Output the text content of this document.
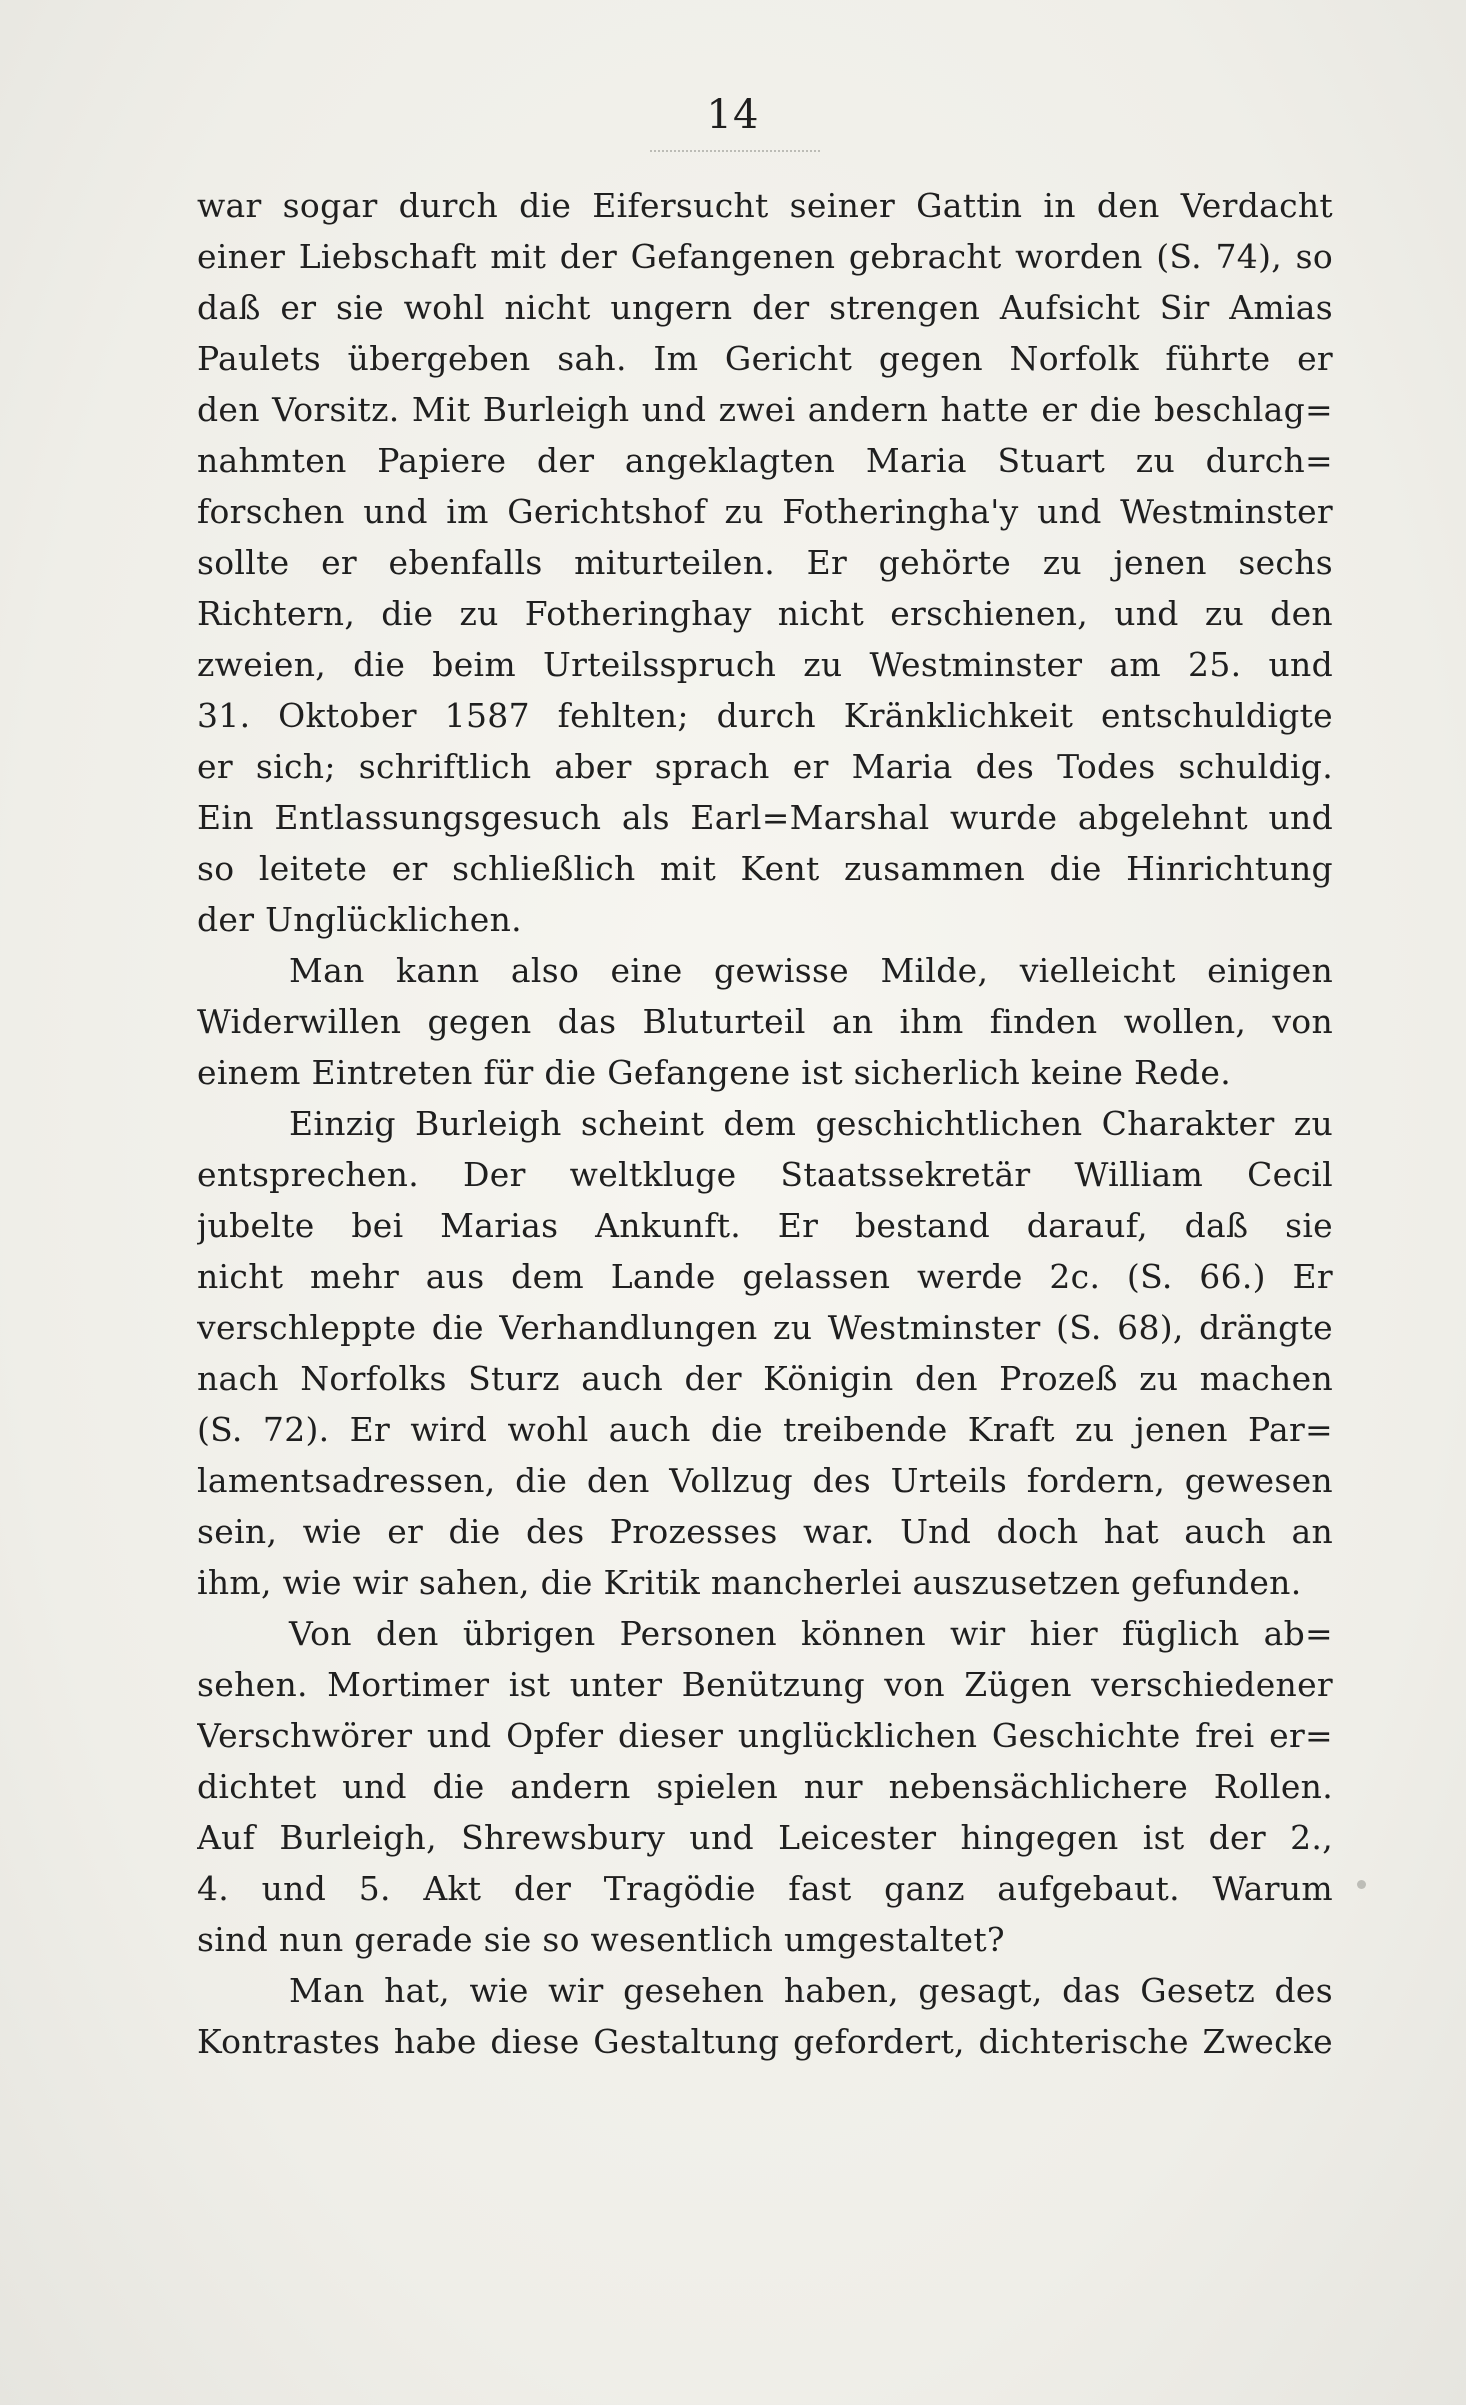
14
war sogar durch die Eifersucht seiner Gattin in den Verdacht
einer Liebschaft mit der Gefangenen gebracht worden (S. 74), so
daß er sie wohl nicht ungern der strengen Aufsicht Sir Amias
Paulets übergeben sah. Im Gericht gegen Norfolk führte er
den Vorsitz. Mit Burleigh und zwei andern hatte er die beschlag=
nahmten Papiere der angeklagten Maria Stuart zu durch=
forschen und im Gerichtshof zu Fotheringha'y und Westminster
sollte er ebenfalls miturteilen. Er gehörte zu jenen sechs
Richtern, die zu Fotheringhay nicht erschienen, und zu den
zweien, die beim Urteilsspruch zu Westminster am 25. und
31. Oktober 1587 fehlten; durch Kränklichkeit entschuldigte
er sich; schriftlich aber sprach er Maria des Todes schuldig.
Ein Entlassungsgesuch als Earl=Marshal wurde abgelehnt und
so leitete er schließlich mit Kent zusammen die Hinrichtung
der Unglücklichen.
Man kann also eine gewisse Milde, vielleicht einigen
Widerwillen gegen das Bluturteil an ihm finden wollen, von
einem Eintreten für die Gefangene ist sicherlich keine Rede.
Einzig Burleigh scheint dem geschichtlichen Charakter zu
entsprechen. Der weltkluge Staatssekretär William Cecil
jubelte bei Marias Ankunft. Er bestand darauf, daß sie
nicht mehr aus dem Lande gelassen werde 2c. (S. 66.) Er
verschleppte die Verhandlungen zu Westminster (S. 68), drängte
nach Norfolks Sturz auch der Königin den Prozeß zu machen
(S. 72). Er wird wohl auch die treibende Kraft zu jenen Par=
lamentsadressen, die den Vollzug des Urteils fordern, gewesen
sein, wie er die des Prozesses war. Und doch hat auch an
ihm, wie wir sahen, die Kritik mancherlei auszusetzen gefunden.
Von den übrigen Personen können wir hier füglich ab=
sehen. Mortimer ist unter Benützung von Zügen verschiedener
Verschwörer und Opfer dieser unglücklichen Geschichte frei er=
dichtet und die andern spielen nur nebensächlichere Rollen.
Auf Burleigh, Shrewsbury und Leicester hingegen ist der 2.,
4. und 5. Akt der Tragödie fast ganz aufgebaut. Warum
sind nun gerade sie so wesentlich umgestaltet?
Man hat, wie wir gesehen haben, gesagt, das Gesetz des
Kontrastes habe diese Gestaltung gefordert, dichterische Zwecke
